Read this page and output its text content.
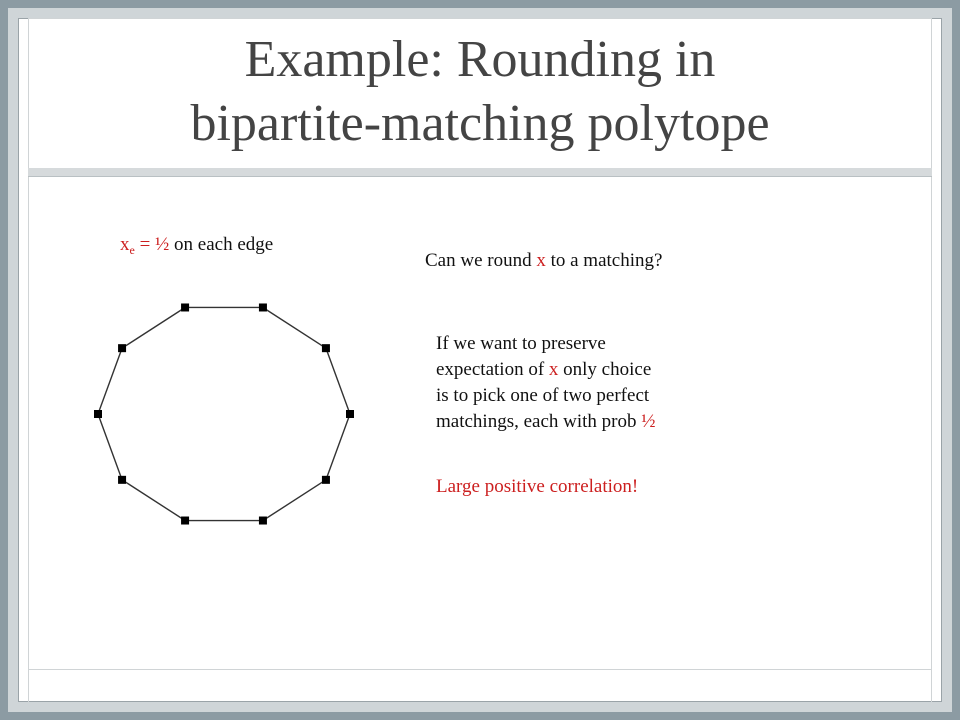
Example: Rounding in
bipartite-matching polytope
$x_e$ = ½ on each edge
Can we round x to a matching?
If we want to preserve
expectation of x only choice
is to pick one of two perfect
matchings, each with prob ½
Large positive correlation!
